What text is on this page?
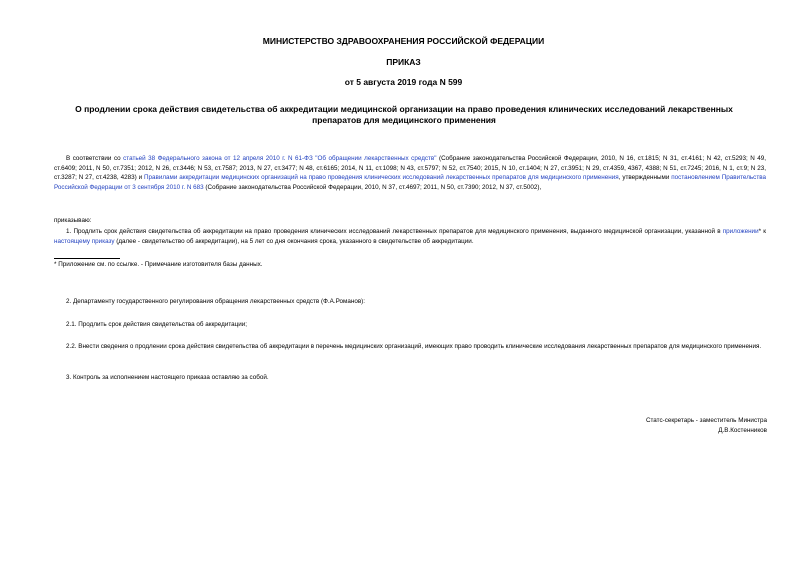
МИНИСТЕРСТВО ЗДРАВООХРАНЕНИЯ РОССИЙСКОЙ ФЕДЕРАЦИИ
ПРИКАЗ
от 5 августа 2019 года N 599
О продлении срока действия свидетельства об аккредитации медицинской организации на право проведения клинических исследований лекарственных
препаратов для медицинского применения
В соответствии со статьей 38 Федерального закона от 12 апреля 2010 г. N 61-ФЗ "Об обращении лекарственных средств" (Собрание законодательства Российской Федерации, 2010, N 16, ст.1815; N 31, ст.4161; N 42, ст.5293; N 49, ст.6409; 2011, N 50, ст.7351; 2012, N 26, ст.3446; N 53, ст.7587; 2013, N 27, ст.3477; N 48, ст.6165; 2014, N 11, ст.1098; N 43, ст.5797; N 52, ст.7540; 2015, N 10, ст.1404; N 27, ст.3951; N 29, ст.4359, 4367, 4388; N 51, ст.7245; 2016, N 1, ст.9; N 23, ст.3287; N 27, ст.4238, 4283) и Правилами аккредитации медицинских организаций на право проведения клинических исследований лекарственных препаратов для медицинского применения, утвержденными постановлением Правительства Российской Федерации от 3 сентября 2010 г. N 683 (Собрание законодательства Российской Федерации, 2010, N 37, ст.4697; 2011, N 50, ст.7390; 2012, N 37, ст.5002),
приказываю:
1. Продлить срок действия свидетельства об аккредитации на право проведения клинических исследований лекарственных препаратов для медицинского применения, выданного медицинской организации, указанной в приложении* к настоящему приказу (далее - свидетельство об аккредитации), на 5 лет со дня окончания срока, указанного в свидетельстве об аккредитации.
* Приложение см. по ссылке. - Примечание изготовителя базы данных.
2. Департаменту государственного регулирования обращения лекарственных средств (Ф.А.Романов):
2.1. Продлить срок действия свидетельства об аккредитации;
2.2. Внести сведения о продлении срока действия свидетельства об аккредитации в перечень медицинских организаций, имеющих право проводить клинические исследования лекарственных препаратов для медицинского применения.
3. Контроль за исполнением настоящего приказа оставляю за собой.
Статс-секретарь - заместитель Министра
Д.В.Костенников
